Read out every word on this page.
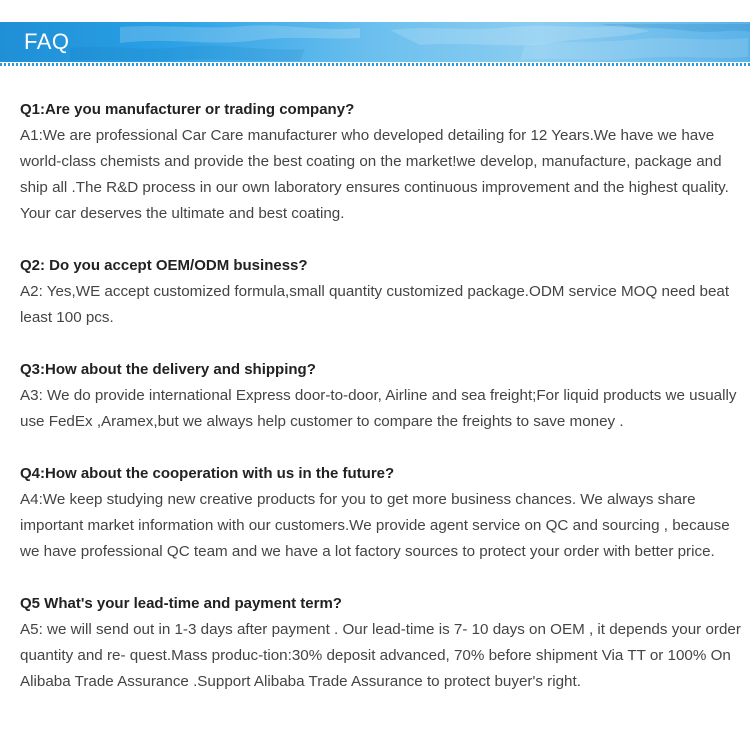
FAQ

Q1:Are you manufacturer or trading company?

A1:We are professional Car Care manufacturer who developed detailing for 12 Years.We have we have world-class chemists and provide the best coating on the market!we develop, manufacture, package and ship all .The R&D process in our own laboratory ensures continuous improvement and the highest quality. Your car deserves the ultimate and best coating.

Q2: Do you accept OEM/ODM business?

A2: Yes,WE accept customized formula,small quantity customized package.ODM service MOQ need beat least 100 pcs.

Q3:How about the delivery and shipping?

A3: We do provide international Express door-to-door, Airline and sea freight;For liquid products we usually use FedEx ,Aramex,but we always help customer to compare the freights to save money .

Q4:How about the cooperation with us in the future?

A4:We keep studying new creative products for you to get more business chances. We always share important market information with our customers.We provide agent service on QC and sourcing , because we have professional QC team and we have a lot factory sources to protect your order with better price.

Q5 What's your lead-time and payment term?

A5: we will send out in 1-3 days after payment . Our lead-time is 7- 10 days on OEM , it depends your order quantity and re- quest.Mass produc-tion:30% deposit advanced, 70% before shipment Via TT or 100% On Alibaba Trade Assurance .Support Alibaba Trade Assurance to protect buyer's right.
